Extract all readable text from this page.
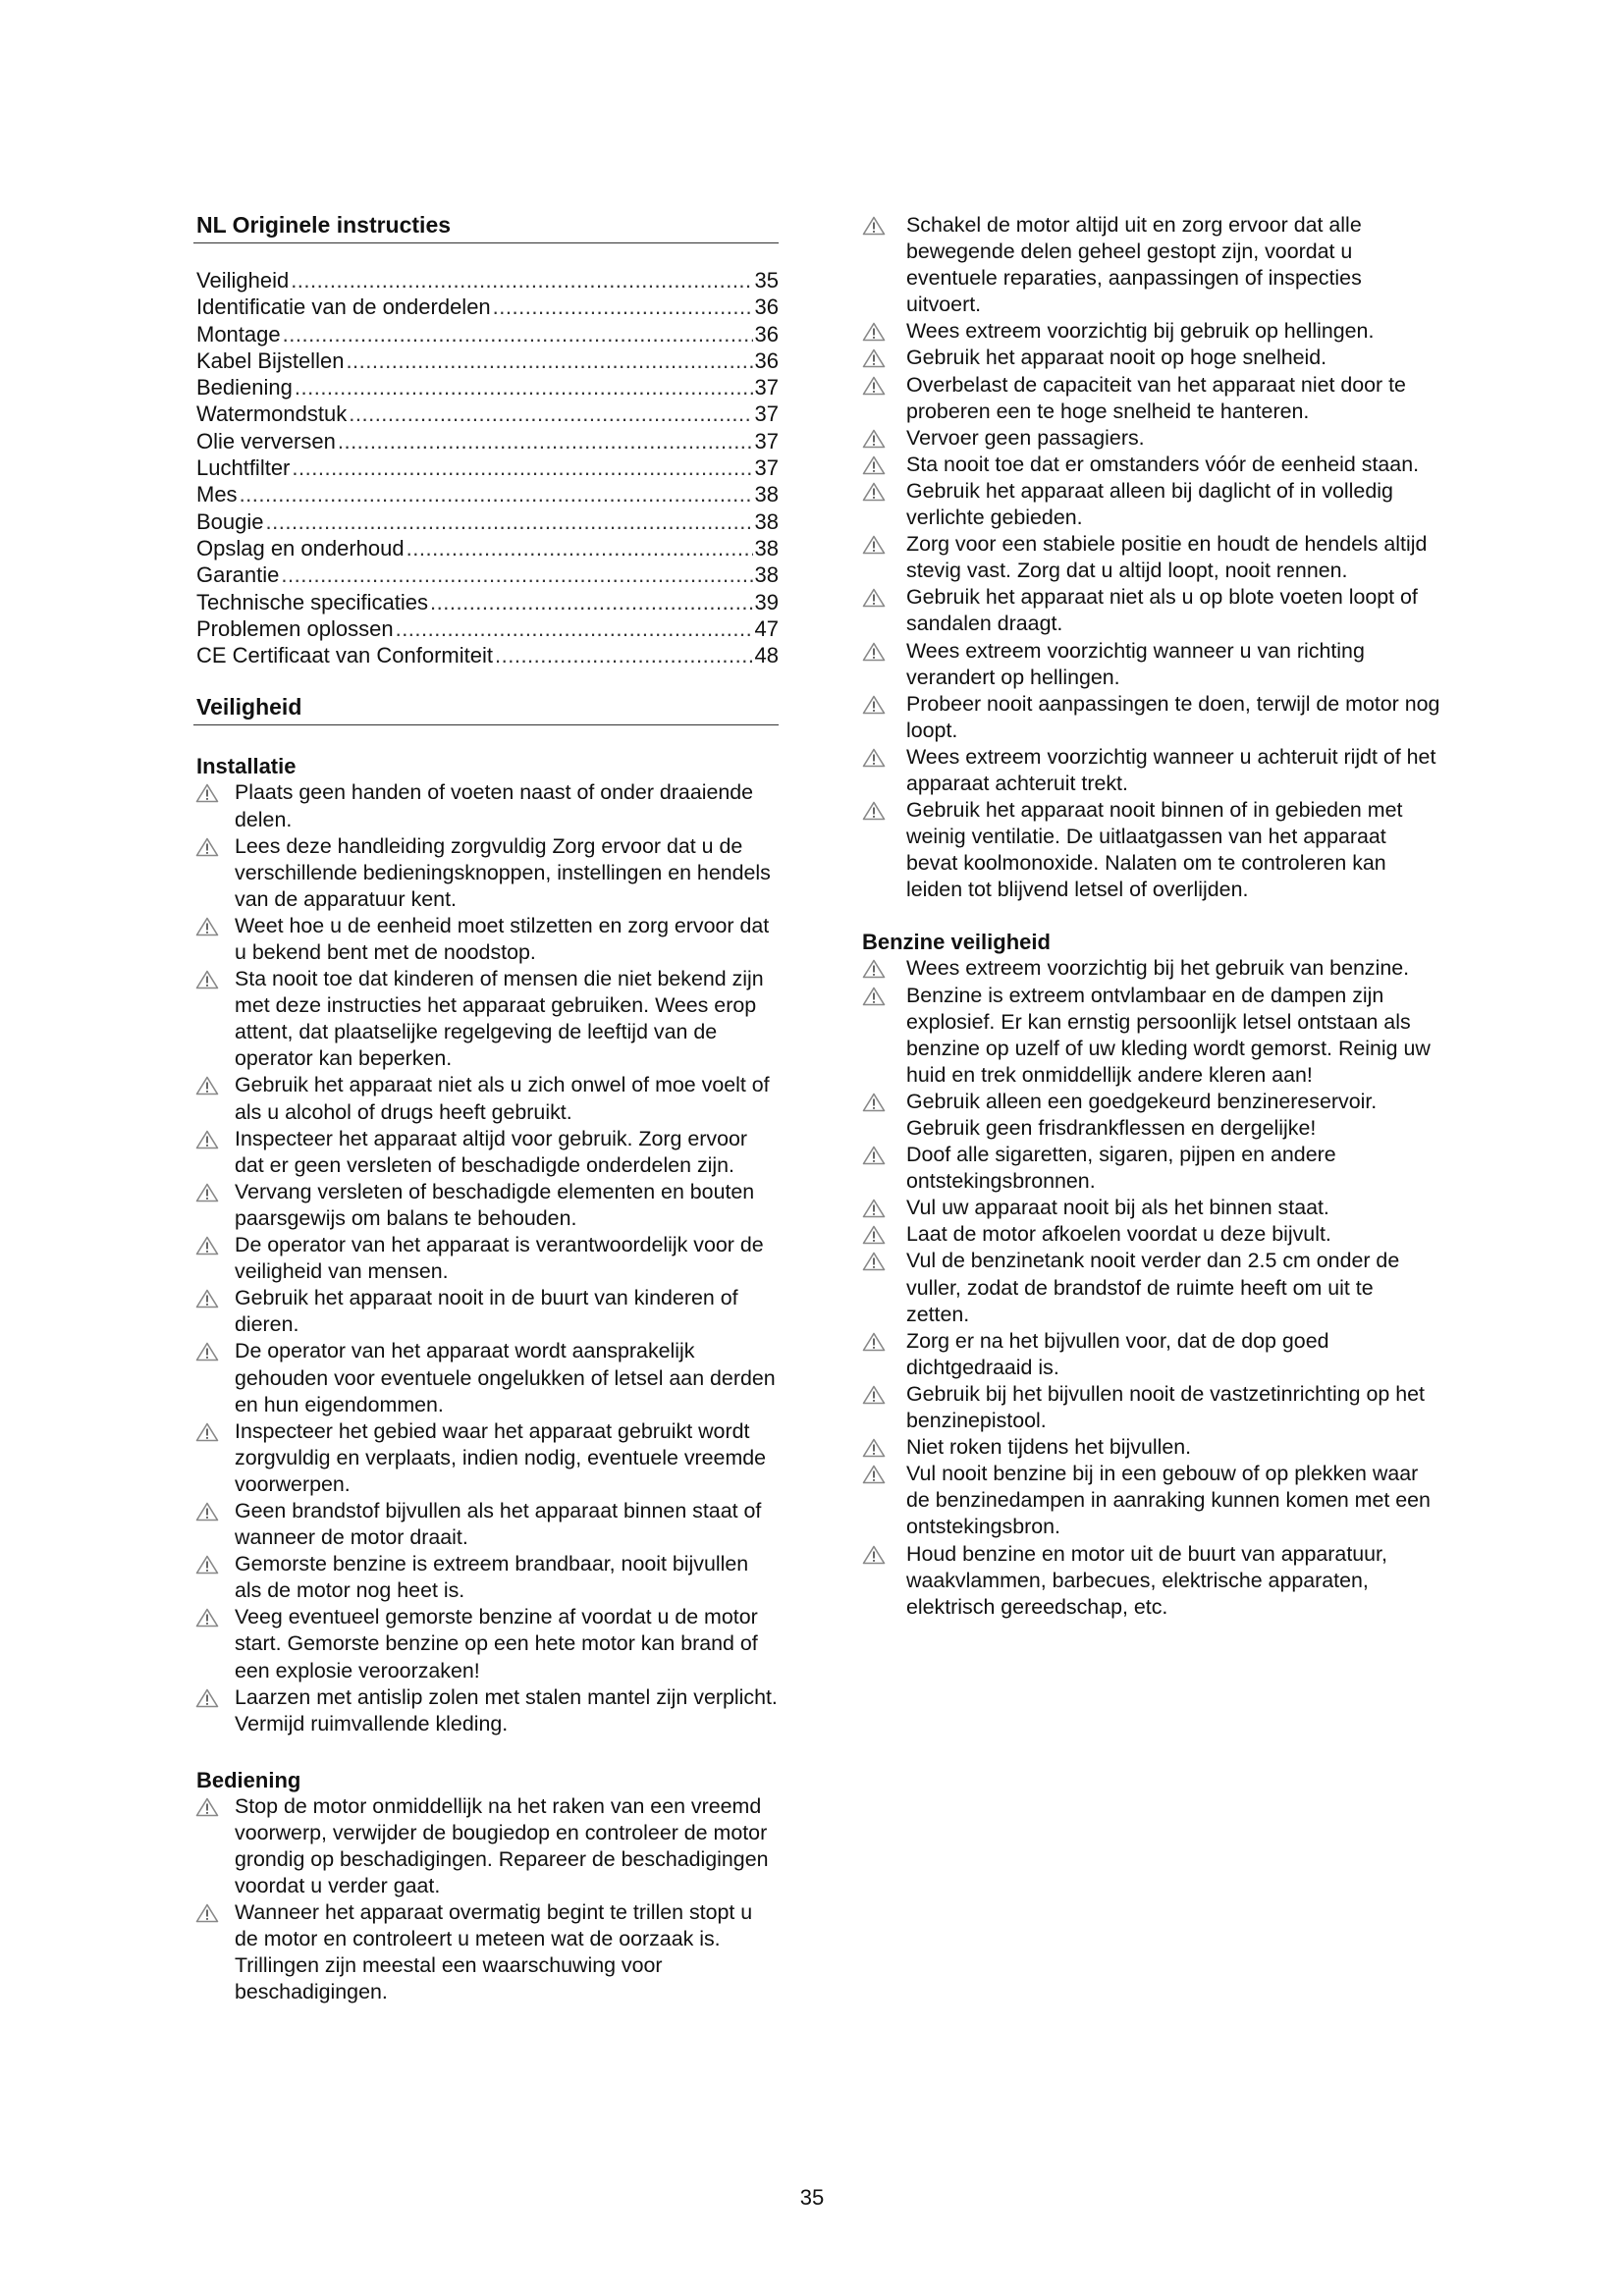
NL Originele instructies
Veiligheid .....	35
Identificatie van de onderdelen .....	36
Montage .....	36
Kabel Bijstellen .....	36
Bediening .....	37
Watermondstuk .....	37
Olie verversen .....	37
Luchtfilter .....	37
Mes .....	38
Bougie .....	38
Opslag en onderhoud .....	38
Garantie .....	38
Technische specificaties .....	39
Problemen oplossen .....	47
CE Certificaat van Conformiteit .....	48
Veiligheid
Installatie
Plaats geen handen of voeten naast of onder draaiende delen.
Lees deze handleiding zorgvuldig Zorg ervoor dat u de verschillende bedieningsknoppen, instellingen en hendels van de apparatuur kent.
Weet hoe u de eenheid moet stilzetten en zorg ervoor dat u bekend bent met de noodstop.
Sta nooit toe dat kinderen of mensen die niet bekend zijn met deze instructies het apparaat gebruiken. Wees erop attent, dat plaatselijke regelgeving de leeftijd van de operator kan beperken.
Gebruik het apparaat niet als u zich onwel of moe voelt of als u alcohol of drugs heeft gebruikt.
Inspecteer het apparaat altijd voor gebruik. Zorg ervoor dat er geen versleten of beschadigde onderdelen zijn.
Vervang versleten of beschadigde elementen en bouten paarsgewijs om balans te behouden.
De operator van het apparaat is verantwoordelijk voor de veiligheid van mensen.
Gebruik het apparaat nooit in de buurt van kinderen of dieren.
De operator van het apparaat wordt aansprakelijk gehouden voor eventuele ongelukken of letsel aan derden en hun eigendommen.
Inspecteer het gebied waar het apparaat gebruikt wordt zorgvuldig en verplaats, indien nodig, eventuele vreemde voorwerpen.
Geen brandstof bijvullen als het apparaat binnen staat of wanneer de motor draait.
Gemorste benzine is extreem brandbaar, nooit bijvullen als de motor nog heet is.
Veeg eventueel gemorste benzine af voordat u de motor start. Gemorste benzine op een hete motor kan brand of een explosie veroorzaken!
Laarzen met antislip zolen met stalen mantel zijn verplicht. Vermijd ruimvallende kleding.
Bediening
Stop de motor onmiddellijk na het raken van een vreemd voorwerp, verwijder de bougiedop en controleer de motor grondig op beschadigingen. Repareer de beschadigingen voordat u verder gaat.
Wanneer het apparaat overmatig begint te trillen stopt u de motor en controleert u meteen wat de oorzaak is. Trillingen zijn meestal een waarschuwing voor beschadigingen.
Schakel de motor altijd uit en zorg ervoor dat alle bewegende delen geheel gestopt zijn, voordat u eventuele reparaties, aanpassingen of inspecties uitvoert.
Wees extreem voorzichtig bij gebruik op hellingen.
Gebruik het apparaat nooit op hoge snelheid.
Overbelast de capaciteit van het apparaat niet door te proberen een te hoge snelheid te hanteren.
Vervoer geen passagiers.
Sta nooit toe dat er omstanders vóór de eenheid staan.
Gebruik het apparaat alleen bij daglicht of in volledig verlichte gebieden.
Zorg voor een stabiele positie en houdt de hendels altijd stevig vast. Zorg dat u altijd loopt, nooit rennen.
Gebruik het apparaat niet als u op blote voeten loopt of sandalen draagt.
Wees extreem voorzichtig wanneer u van richting verandert op hellingen.
Probeer nooit aanpassingen te doen, terwijl de motor nog loopt.
Wees extreem voorzichtig wanneer u achteruit rijdt of het apparaat achteruit trekt.
Gebruik het apparaat nooit binnen of in gebieden met weinig ventilatie. De uitlaatgassen van het apparaat bevat koolmonoxide. Nalaten om te controleren kan leiden tot blijvend letsel of overlijden.
Benzine veiligheid
Wees extreem voorzichtig bij het gebruik van benzine.
Benzine is extreem ontvlambaar en de dampen zijn explosief. Er kan ernstig persoonlijk letsel ontstaan als benzine op uzelf of uw kleding wordt gemorst. Reinig uw huid en trek onmiddellijk andere kleren aan!
Gebruik alleen een goedgekeurd benzinereservoir. Gebruik geen frisdrankflessen en dergelijke!
Doof alle sigaretten, sigaren, pijpen en andere ontstekingsbronnen.
Vul uw apparaat nooit bij als het binnen staat.
Laat de motor afkoelen voordat u deze bijvult.
Vul de benzinetank nooit verder dan 2.5 cm onder de vuller, zodat de brandstof de ruimte heeft om uit te zetten.
Zorg er na het bijvullen voor, dat de dop goed dichtgedraaid is.
Gebruik bij het bijvullen nooit de vastzetinrichting op het benzinepistool.
Niet roken tijdens het bijvullen.
Vul nooit benzine bij in een gebouw of op plekken waar de benzinedampen in aanraking kunnen komen met een ontstekingsbron.
Houd benzine en motor uit de buurt van apparatuur, waakvlammen, barbecues, elektrische apparaten, elektrisch gereedschap, etc.
35
